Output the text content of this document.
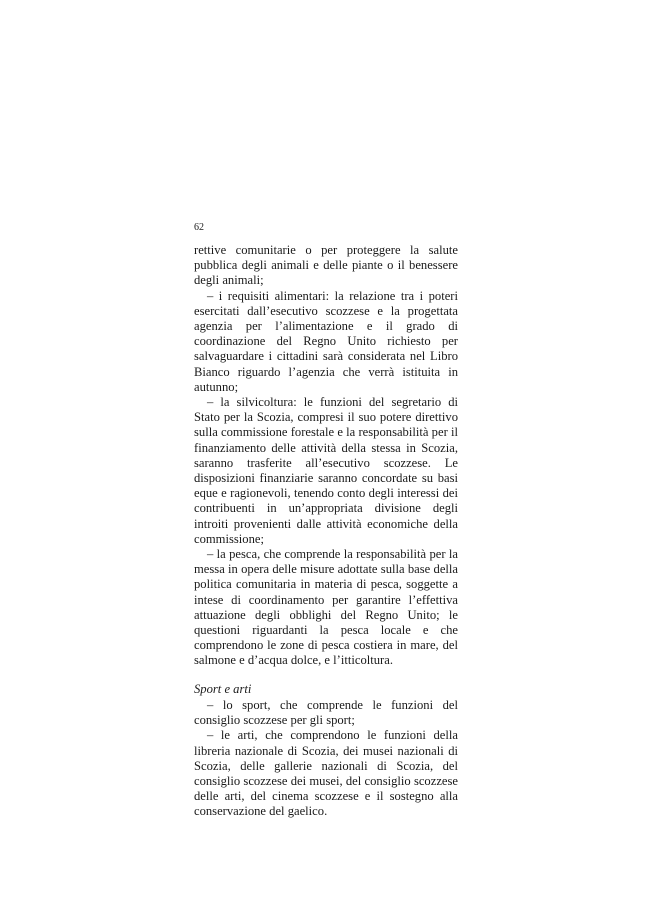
62

rettive comunitarie o per proteggere la salute pubblica degli animali e delle piante o il benessere degli animali;

– i requisiti alimentari: la relazione tra i poteri esercitati dall’esecutivo scozzese e la progettata agenzia per l’alimentazione e il grado di coordinazione del Regno Unito richiesto per salvaguardare i cittadini sarà considerata nel Libro Bianco riguardo l’agenzia che verrà istituita in autunno;

– la silvicoltura: le funzioni del segretario di Stato per la Scozia, compresi il suo potere direttivo sulla commissione forestale e la responsabilità per il finanziamento delle attività della stessa in Scozia, saranno trasferite all’esecutivo scozzese. Le disposizioni finanziarie saranno concordate su basi eque e ragionevoli, tenendo conto degli interessi dei contribuenti in un’appropriata divisione degli introiti provenienti dalle attività economiche della commissione;

– la pesca, che comprende la responsabilità per la messa in opera delle misure adottate sulla base della politica comunitaria in materia di pesca, soggette a intese di coordinamento per garantire l’effettiva attuazione degli obblighi del Regno Unito; le questioni riguardanti la pesca locale e che comprendono le zone di pesca costiera in mare, del salmone e d’acqua dolce, e l’itticoltura.

Sport e arti

– lo sport, che comprende le funzioni del consiglio scozzese per gli sport;

– le arti, che comprendono le funzioni della libreria nazionale di Scozia, dei musei nazionali di Scozia, delle gallerie nazionali di Scozia, del consiglio scozzese dei musei, del consiglio scozzese delle arti, del cinema scozzese e il sostegno alla conservazione del gaelico.
